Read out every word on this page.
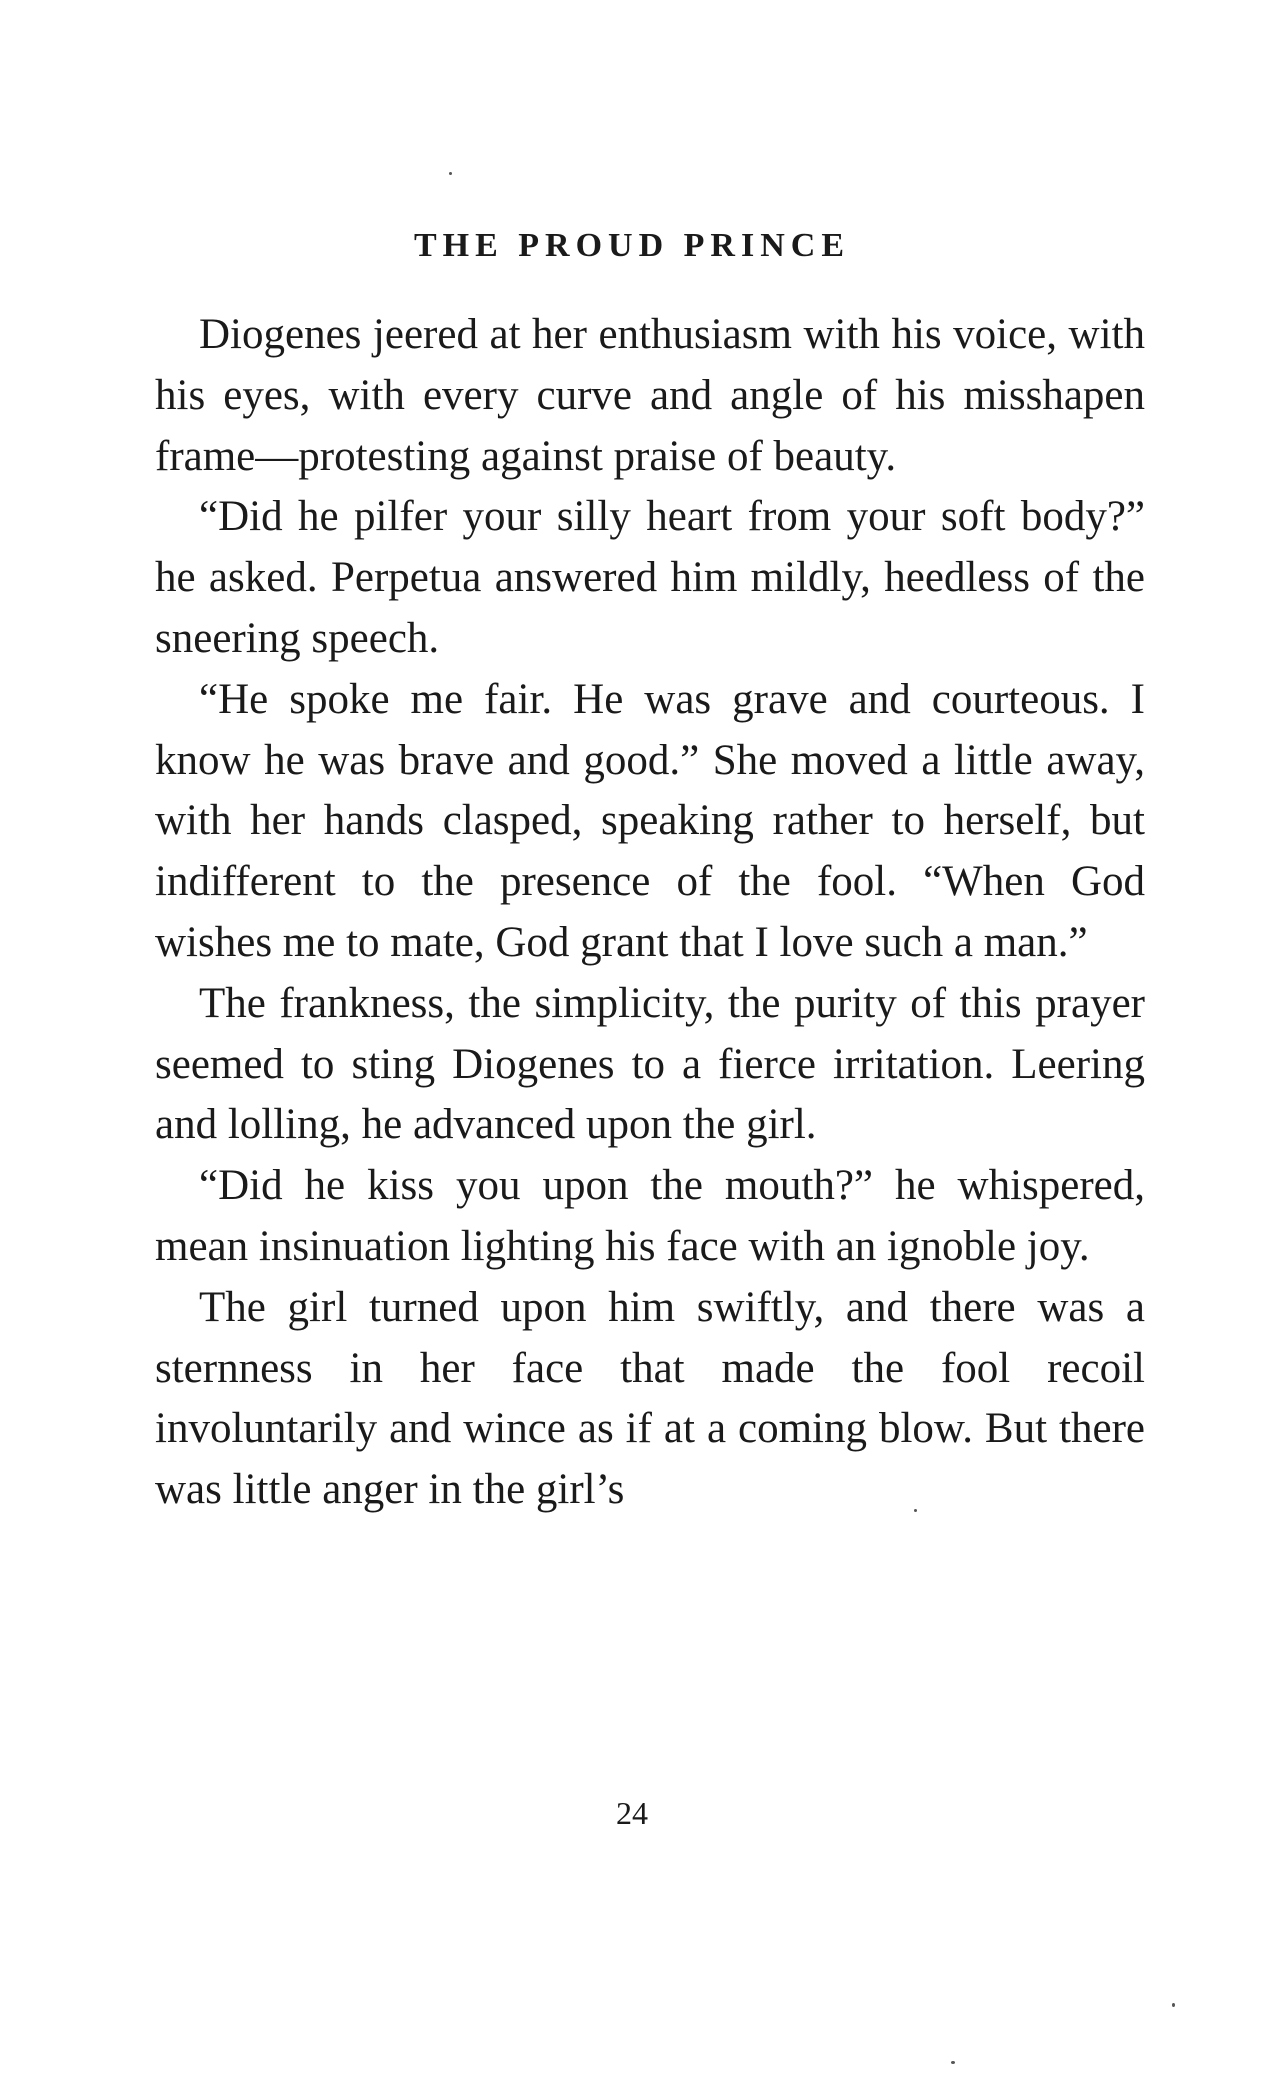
THE PROUD PRINCE

Diogenes jeered at her enthusiasm with his voice, with his eyes, with every curve and angle of his misshapen frame—protesting against praise of beauty.

“Did he pilfer your silly heart from your soft body?” he asked. Perpetua answered him mildly, heedless of the sneering speech.

“He spoke me fair. He was grave and courteous. I know he was brave and good.” She moved a little away, with her hands clasped, speaking rather to herself, but indifferent to the presence of the fool. “When God wishes me to mate, God grant that I love such a man.”

The frankness, the simplicity, the purity of this prayer seemed to sting Diogenes to a fierce irritation. Leering and lolling, he advanced upon the girl.

“Did he kiss you upon the mouth?” he whispered, mean insinuation lighting his face with an ignoble joy.

The girl turned upon him swiftly, and there was a sternness in her face that made the fool recoil involuntarily and wince as if at a coming blow. But there was little anger in the girl’s

24
